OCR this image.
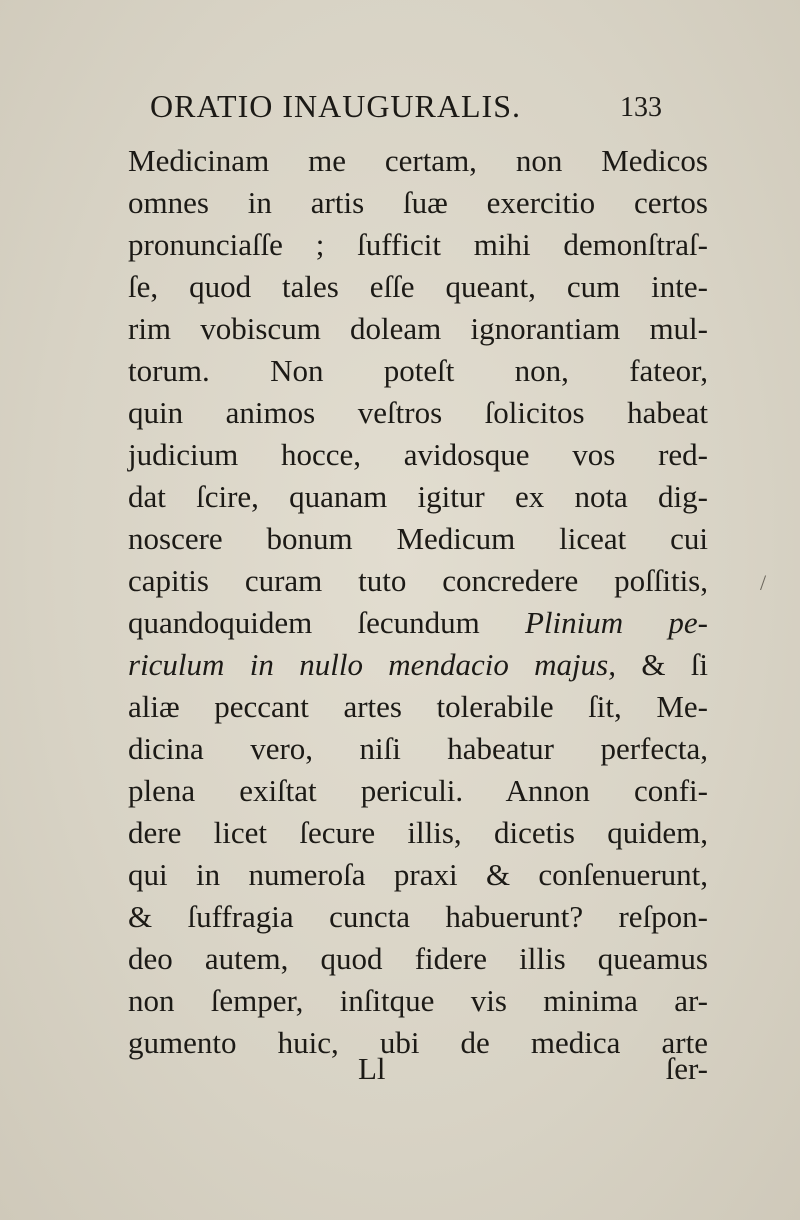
ORATIO INAUGURALIS.	133
Medicinam me certam, non Medicos
omnes in artis ſuæ exercitio certos
pronunciaſſe ; ſufficit mihi demonſtraſ-
ſe, quod tales eſſe queant, cum inte-
rim vobiscum doleam ignorantiam mul-
torum. Non poteſt non, fateor,
quin animos veſtros ſolicitos habeat
judicium hocce, avidosque vos red-
dat ſcire, quanam igitur ex nota dig-
noscere bonum Medicum liceat cui
capitis curam tuto concredere poſſitis,
quandoquidem ſecundum Plinium pe-
riculum in nullo mendacio majus, & ſi
aliæ peccant artes tolerabile ſit, Me-
dicina vero, niſi habeatur perfecta,
plena exiſtat periculi. Annon confi-
dere licet ſecure illis, dicetis quidem,
qui in numeroſa praxi & conſenuerunt,
& ſuffragia cuncta habuerunt? reſpon-
deo autem, quod fidere illis queamus
non ſemper, inſitque vis minima ar-
gumento huic, ubi de medica arte
Ll	ſer-
/
